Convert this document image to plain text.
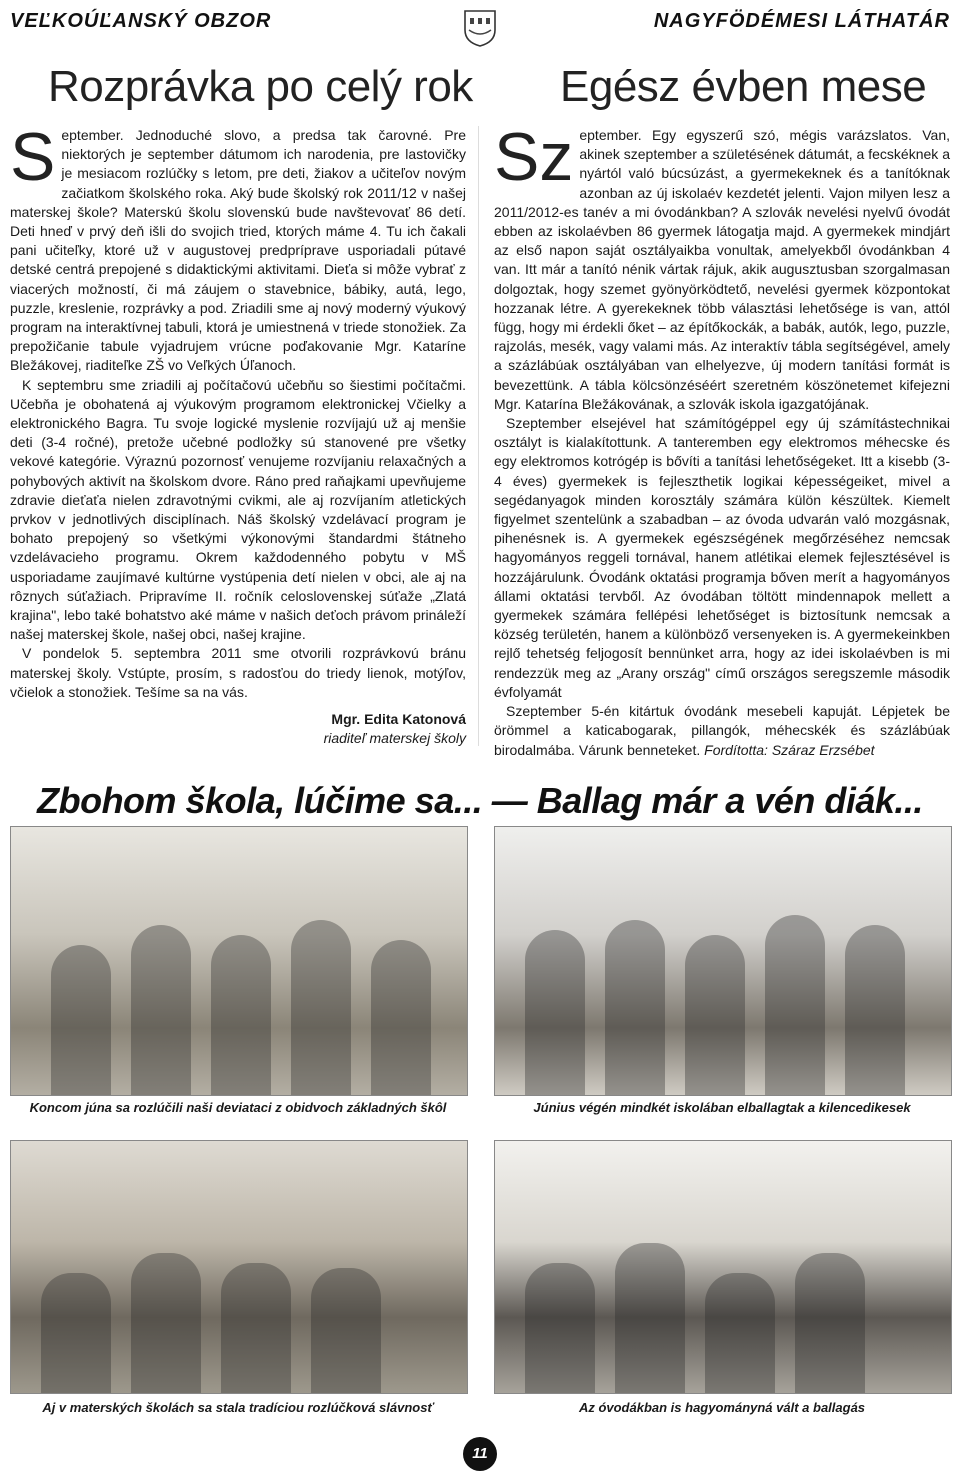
VEĽKOÚĽANSKÝ OBZOR	NAGYFÖDÉMESI LÁTHATÁR
Rozprávka po celý rok Egész évben mese

September. Jednoduché slovo, a predsa tak čarovné. Pre niektorých je september dátumom ich narodenia, pre lastovičky je mesiacom rozlúčky s letom, pre deti, žiakov a učiteľov novým začiatkom školského roka. Aký bude školský rok 2011/12 v našej materskej škole? Materskú školu slovenskú bude navštevovať 86 detí. Deti hneď v prvý deň išli do svojich tried, ktorých máme 4. Tu ich čakali pani učiteľky, ktoré už v augustovej predpríprave usporiadali pútavé detské centrá prepojené s didaktickými aktivitami. Dieťa si môže vybrať z viacerých možností, či má záujem o stavebnice, bábiky, autá, lego, puzzle, kreslenie, rozprávky a pod. Zriadili sme aj nový moderný výukový program na interaktívnej tabuli, ktorá je umiestnená v triede stonožiek. Za prepožičanie tabule vyjadrujem vrúcne poďakovanie Mgr. Kataríne Bležákovej, riaditeľke ZŠ vo Veľkých Úľanoch.

K septembru sme zriadili aj počítačovú učebňu so šiestimi počítačmi. Učebňa je obohatená aj výukovým programom elektronickej Včielky a elektronického Bagra. Tu svoje logické myslenie rozvíjajú už aj menšie deti (3-4 ročné), pretože učebné podložky sú stanovené pre všetky vekové kategórie. Výraznú pozornosť venujeme rozvíjaniu relaxačných a pohybových aktivít na školskom dvore. Ráno pred raňajkami upevňujeme zdravie dieťaťa nielen zdravotnými cvikmi, ale aj rozvíjaním atletických prvkov v jednotlivých disciplínach. Náš školský vzdelávací program je bohato prepojený so všetkými výkonovými štandardmi štátneho vzdelávacieho programu. Okrem každodenného pobytu v MŠ usporiadame zaujímavé kultúrne vystúpenia detí nielen v obci, ale aj na rôznych súťažiach. Pripravíme II. ročník celoslovenskej súťaže „Zlatá krajina", lebo také bohatstvo aké máme v našich deťoch právom prináleží našej materskej škole, našej obci, našej krajine.

V pondelok 5. septembra 2011 sme otvorili rozprávkovú bránu materskej školy. Vstúpte, prosím, s radosťou do triedy lienok, motýľov, včielok a stonožiek. Tešíme sa na vás.

Mgr. Edita Katonová
riaditeľ materskej školy

Sz eptember. Egy egyszerű szó, mégis varázslatos. Van, akinek szeptember a születésének dátumát, a fecskéknek a nyártól való búcsúzást, a gyermekeknek és a tanítóknak azonban az új iskolaév kezdetét jelenti. Vajon milyen lesz a 2011/2012-es tanév a mi óvodánkban? A szlovák nevelési nyelvű óvodát ebben az iskolaévben 86 gyermek látogatja majd. A gyermekek mindjárt az első napon saját osztályaikba vonultak, amelyekből óvodánkban 4 van. Itt már a tanító nénik vártak rájuk, akik augusztusban szorgalmasan dolgoztak, hogy szemet gyönyörködtető, nevelési gyermek központokat hozzanak létre. A gyerekeknek több választási lehetősége is van, attól függ, hogy mi érdekli őket – az építőkockák, a babák, autók, lego, puzzle, rajzolás, mesék, vagy valami más. Az interaktív tábla segítségével, amely a százlábúak osztályában van elhelyezve, új modern tanítási formát is bevezettünk. A tábla kölcsönzéséért szeretném köszönetemet kifejezni Mgr. Katarína Bležákovának, a szlovák iskola igazgatójának.

Szeptember elsejével hat számítógéppel egy új számítástechnikai osztályt is kialakítottunk. A tanteremben egy elektromos méhecske és egy elektromos kotrógép is bővíti a tanítási lehetőségeket. Itt a kisebb (3-4 éves) gyermekek is fejleszthetik logikai képességeiket, mivel a segédanyagok minden korosztály számára külön készültek. Kiemelt figyelmet szentelünk a szabadban – az óvoda udvarán való mozgásnak, pihenésnek is. A gyermekek egészségének megőrzéséhez nemcsak hagyományos reggeli tornával, hanem atlétikai elemek fejlesztésével is hozzájárulunk. Óvodánk oktatási programja bőven merít a hagyományos állami oktatási tervből. Az óvodában töltött mindennapok mellett a gyermekek számára fellépési lehetőséget is biztosítunk nemcsak a község területén, hanem a különböző versenyeken is. A gyermekeinkben rejlő tehetség feljogosít bennünket arra, hogy az idei iskolaévben is mi rendezzük meg az „Arany ország" című országos seregszemle második évfolyamát

Szeptember 5-én kitártuk óvodánk mesebeli kapuját. Lépjetek be örömmel a katicabogarak, pillangók, méhecskék és százlábúak birodalmába. Várunk benneteket. Fordította: Száraz Erzsébet

Zbohom škola, lúčime sa... — Ballag már a vén diák...
Koncom júna sa rozlúčili naši deviataci z obidvoch základných škôl	Június végén mindkét iskolában elballagtak a kilencedikesek
Aj v materských školách sa stala tradíciou rozlúčková slávnosť	Az óvodákban is hagyományná vált a ballagás
11
